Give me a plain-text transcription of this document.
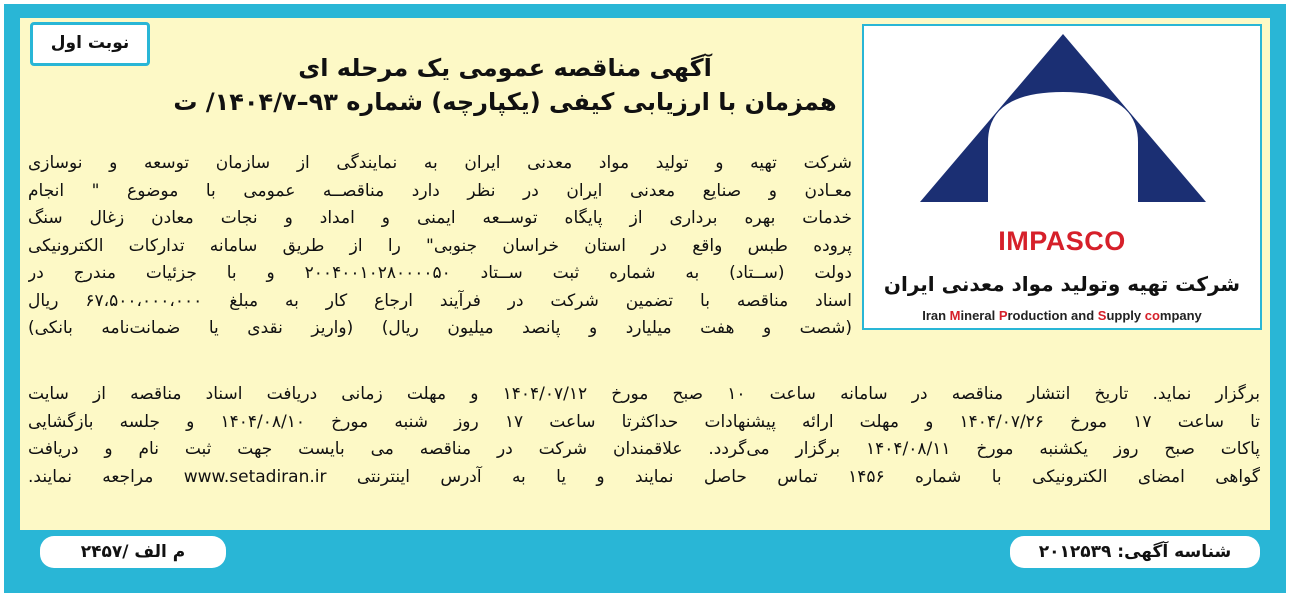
نوبت اول
آگهی مناقصه عمومی یک مرحله ای
همزمان با ارزیابی کیفی (یکپارچه) شماره ۹۳–۱۴۰۴/۷/ ت
IMPASCO
شرکت تهیه وتولید مواد معدنی ایران
Iran Mineral Production and Supply company
شرکت تهیه و تولید مواد معدنی ایران به نمایندگی از سازمان توسعه و نوسازی
معـادن و صنایع معدنی ایران در نظر دارد مناقصــه عمومی با موضوع " انجام
خدمات بهره برداری از پایگاه توســعه ایمنی و امداد و نجات معادن زغال سنگ
پروده طبس واقع در استان خراسان جنوبی" را از طریق سامانه تدارکات الکترونیکی
دولت (ســتاد) به شماره ثبت ســتاد ۲۰۰۴۰۰۱۰۲۸۰۰۰۰۵۰ و با جزئیات مندرج در
اسناد مناقصه با تضمین شرکت در فرآیند ارجاع کار به مبلغ ۶۷،۵۰۰،۰۰۰،۰۰۰ ریال
(شصت و هفت میلیارد و پانصد میلیون ریال) (واریز نقدی یا ضمانت‌نامه بانکی)
برگزار نماید. تاریخ انتشار مناقصه در سامانه ساعت ۱۰ صبح مورخ ۱۴۰۴/۰۷/۱۲ و مهلت زمانی دریافت اسناد مناقصه از سایت
تا ساعت ۱۷ مورخ ۱۴۰۴/۰۷/۲۶ و مهلت ارائه پیشنهادات حداکثرتا ساعت ۱۷ روز شنبه مورخ ۱۴۰۴/۰۸/۱۰ و جلسه بازگشایی
پاکات صبح روز یکشنبه مورخ ۱۴۰۴/۰۸/۱۱ برگزار می‌گردد. علاقمندان شرکت در مناقصه می بایست جهت ثبت نام و دریافت
گواهی امضای الکترونیکی با شماره ۱۴۵۶ تماس حاصل نمایند و یا به آدرس اینترنتی www.setadiran.ir مراجعه نمایند.
م الف /۲۴۵۷	شناسه آگهی: ۲۰۱۲۵۳۹
